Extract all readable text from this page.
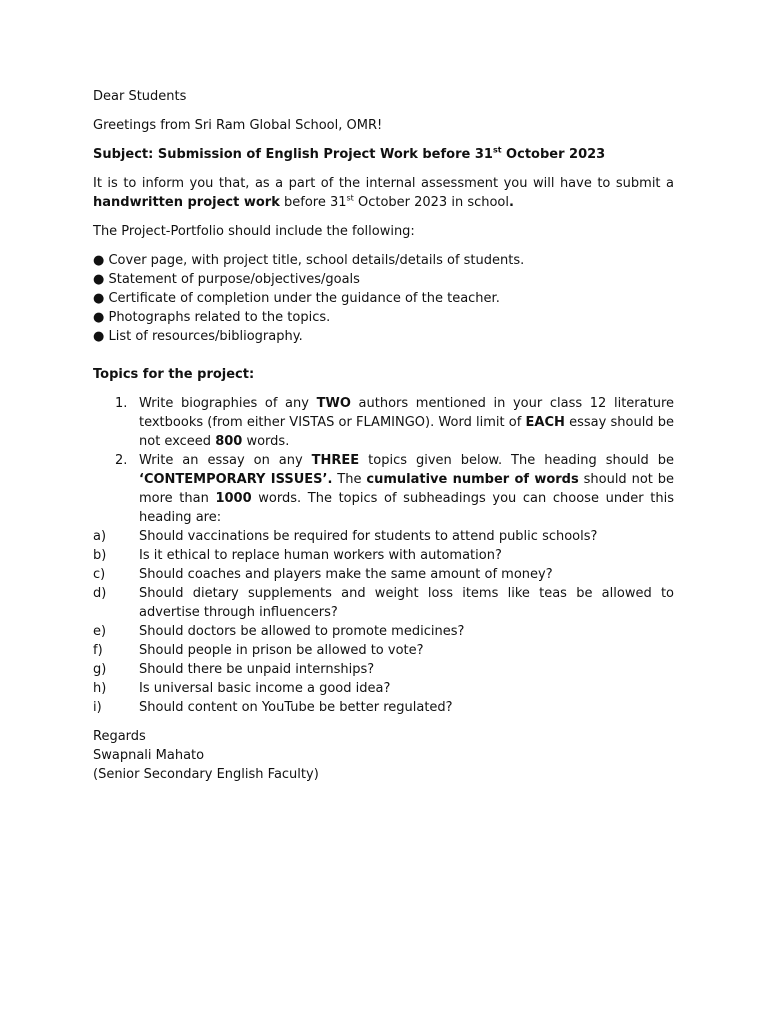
Dear Students

Greetings from Sri Ram Global School, OMR!

Subject: Submission of English Project Work before 31st October 2023

It is to inform you that, as a part of the internal assessment you will have to submit a handwritten project work before 31st October 2023 in school.

The Project-Portfolio should include the following:

● Cover page, with project title, school details/details of students.
● Statement of purpose/objectives/goals
● Certificate of completion under the guidance of the teacher.
● Photographs related to the topics.
● List of resources/bibliography.

Topics for the project:

1. Write biographies of any TWO authors mentioned in your class 12 literature textbooks (from either VISTAS or FLAMINGO). Word limit of EACH essay should be not exceed 800 words.
2. Write an essay on any THREE topics given below. The heading should be ‘CONTEMPORARY ISSUES’. The cumulative number of words should not be more than 1000 words. The topics of subheadings you can choose under this heading are:
a)	Should vaccinations be required for students to attend public schools?
b)	Is it ethical to replace human workers with automation?
c)	Should coaches and players make the same amount of money?
d)	Should dietary supplements and weight loss items like teas be allowed to advertise through influencers?
e)	Should doctors be allowed to promote medicines?
f)	Should people in prison be allowed to vote?
g)	Should there be unpaid internships?
h)	Is universal basic income a good idea?
i)	Should content on YouTube be better regulated?

Regards

Swapnali Mahato

(Senior Secondary English Faculty)
